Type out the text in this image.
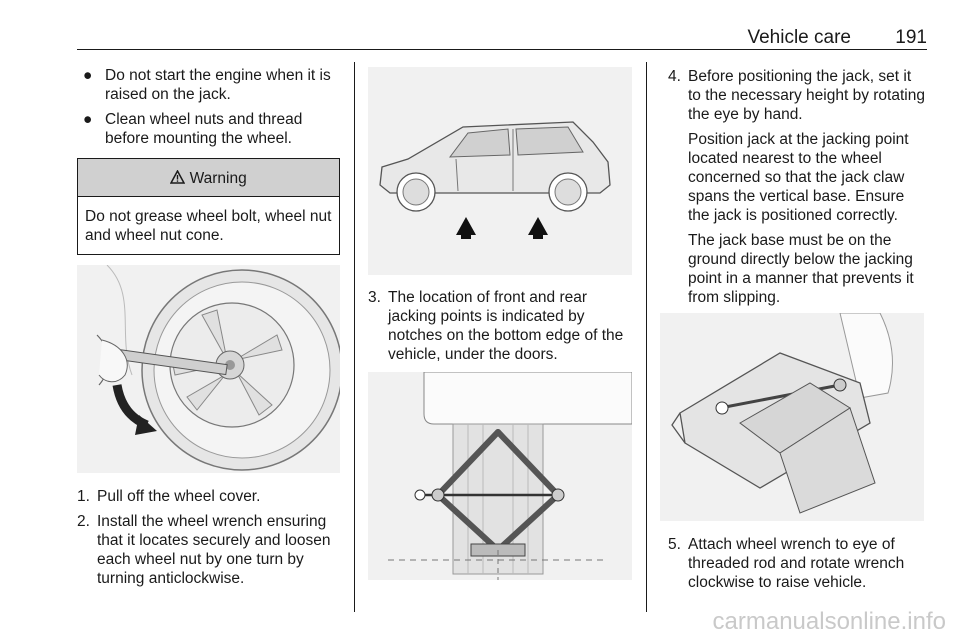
Vehicle care 191
● Do not start the engine when it is raised on the jack.
● Clean wheel nuts and thread before mounting the wheel.
Warning
Do not grease wheel bolt, wheel nut and wheel nut cone.
1. Pull off the wheel cover.
2. Install the wheel wrench ensuring that it locates securely and loosen each wheel nut by one turn by turning anticlockwise.
3. The location of front and rear jacking points is indicated by notches on the bottom edge of the vehicle, under the doors.
4. Before positioning the jack, set it to the necessary height by rotating the eye by hand.
Position jack at the jacking point located nearest to the wheel concerned so that the jack claw spans the vertical base. Ensure the jack is positioned correctly.
The jack base must be on the ground directly below the jacking point in a manner that prevents it from slipping.
5. Attach wheel wrench to eye of threaded rod and rotate wrench clockwise to raise vehicle.
carmanualsonline.info
